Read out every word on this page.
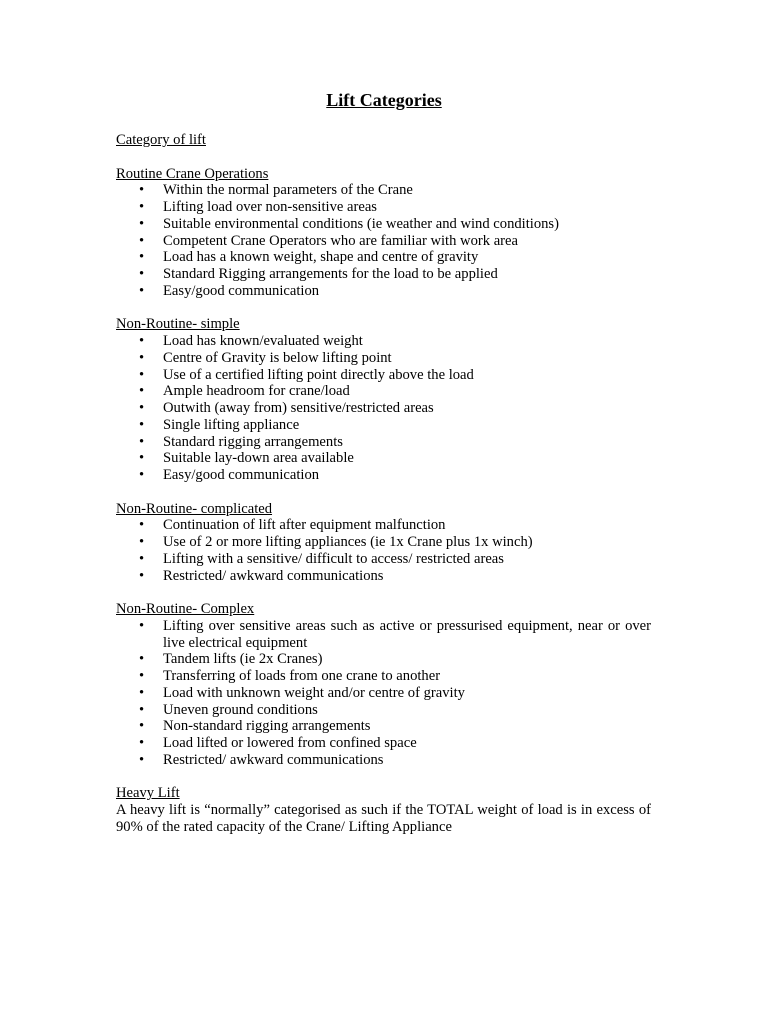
Lift Categories

Category of lift

Routine Crane Operations

• Within the normal parameters of the Crane
• Lifting load over non-sensitive areas
• Suitable environmental conditions (ie weather and wind conditions)
• Competent Crane Operators who are familiar with work area
• Load has a known weight, shape and centre of gravity
• Standard Rigging arrangements for the load to be applied
• Easy/good communication

Non-Routine- simple

• Load has known/evaluated weight
• Centre of Gravity is below lifting point
• Use of a certified lifting point directly above the load
• Ample headroom for crane/load
• Outwith (away from) sensitive/restricted areas
• Single lifting appliance
• Standard rigging arrangements
• Suitable lay-down area available
• Easy/good communication

Non-Routine- complicated

• Continuation of lift after equipment malfunction
• Use of 2 or more lifting appliances (ie 1x Crane plus 1x winch)
• Lifting with a sensitive/ difficult to access/ restricted areas
• Restricted/ awkward communications

Non-Routine- Complex

• Lifting over sensitive areas such as active or pressurised equipment, near or over live electrical equipment
• Tandem lifts (ie 2x Cranes)
• Transferring of loads from one crane to another
• Load with unknown weight and/or centre of gravity
• Uneven ground conditions
• Non-standard rigging arrangements
• Load lifted or lowered from confined space
• Restricted/ awkward communications

Heavy Lift

A heavy lift is “normally” categorised as such if the TOTAL weight of load is in excess of 90% of the rated capacity of the Crane/ Lifting Appliance
